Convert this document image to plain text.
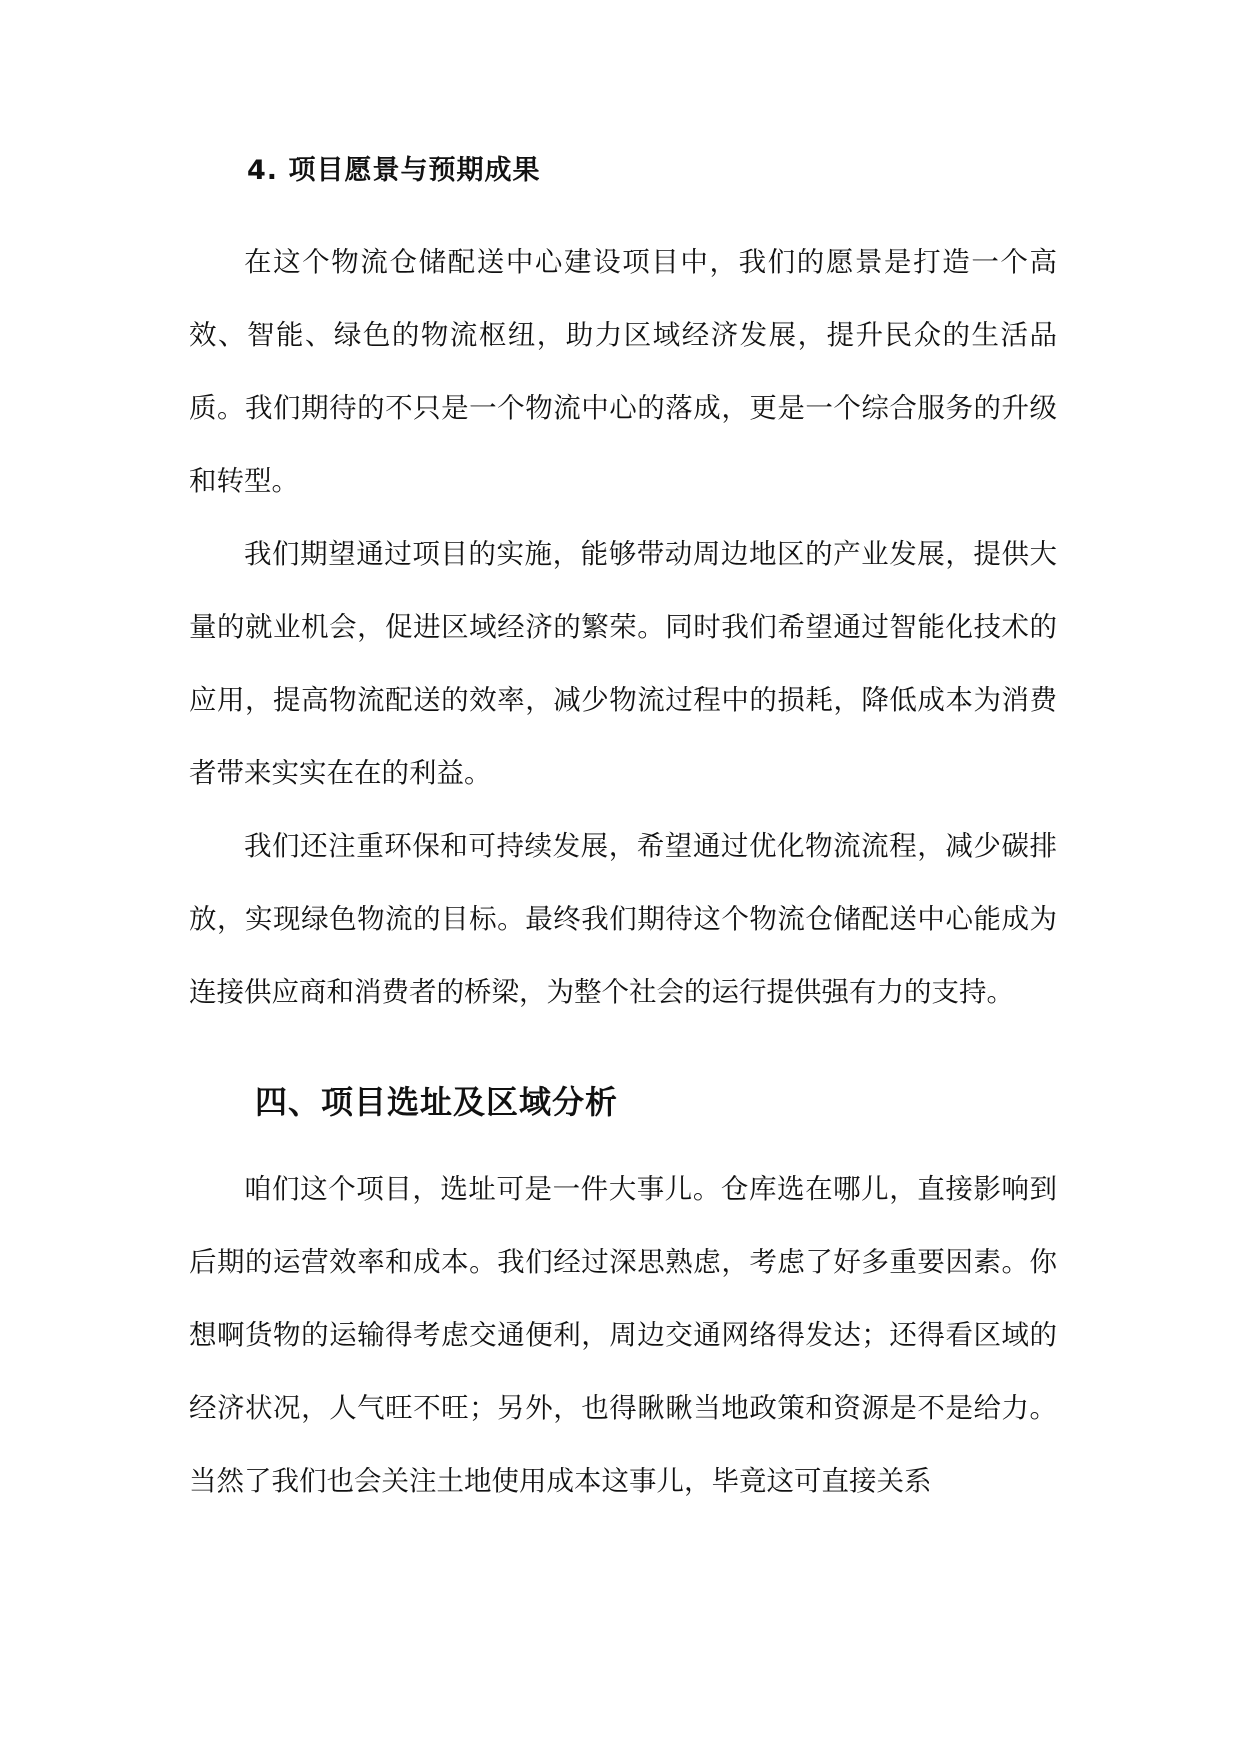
4. 项目愿景与预期成果

在这个物流仓储配送中心建设项目中，我们的愿景是打造一个高效、智能、绿色的物流枢纽，助力区域经济发展，提升民众的生活品质。我们期待的不只是一个物流中心的落成，更是一个综合服务的升级和转型。

我们期望通过项目的实施，能够带动周边地区的产业发展，提供大量的就业机会，促进区域经济的繁荣。同时我们希望通过智能化技术的应用，提高物流配送的效率，减少物流过程中的损耗，降低成本为消费者带来实实在在的利益。

我们还注重环保和可持续发展，希望通过优化物流流程，减少碳排放，实现绿色物流的目标。最终我们期待这个物流仓储配送中心能成为连接供应商和消费者的桥梁，为整个社会的运行提供强有力的支持。

四、项目选址及区域分析

咱们这个项目，选址可是一件大事儿。仓库选在哪儿，直接影响到后期的运营效率和成本。我们经过深思熟虑，考虑了好多重要因素。你想啊货物的运输得考虑交通便利，周边交通网络得发达；还得看区域的经济状况，人气旺不旺；另外，也得瞅瞅当地政策和资源是不是给力。当然了我们也会关注土地使用成本这事儿，毕竟这可直接关系
